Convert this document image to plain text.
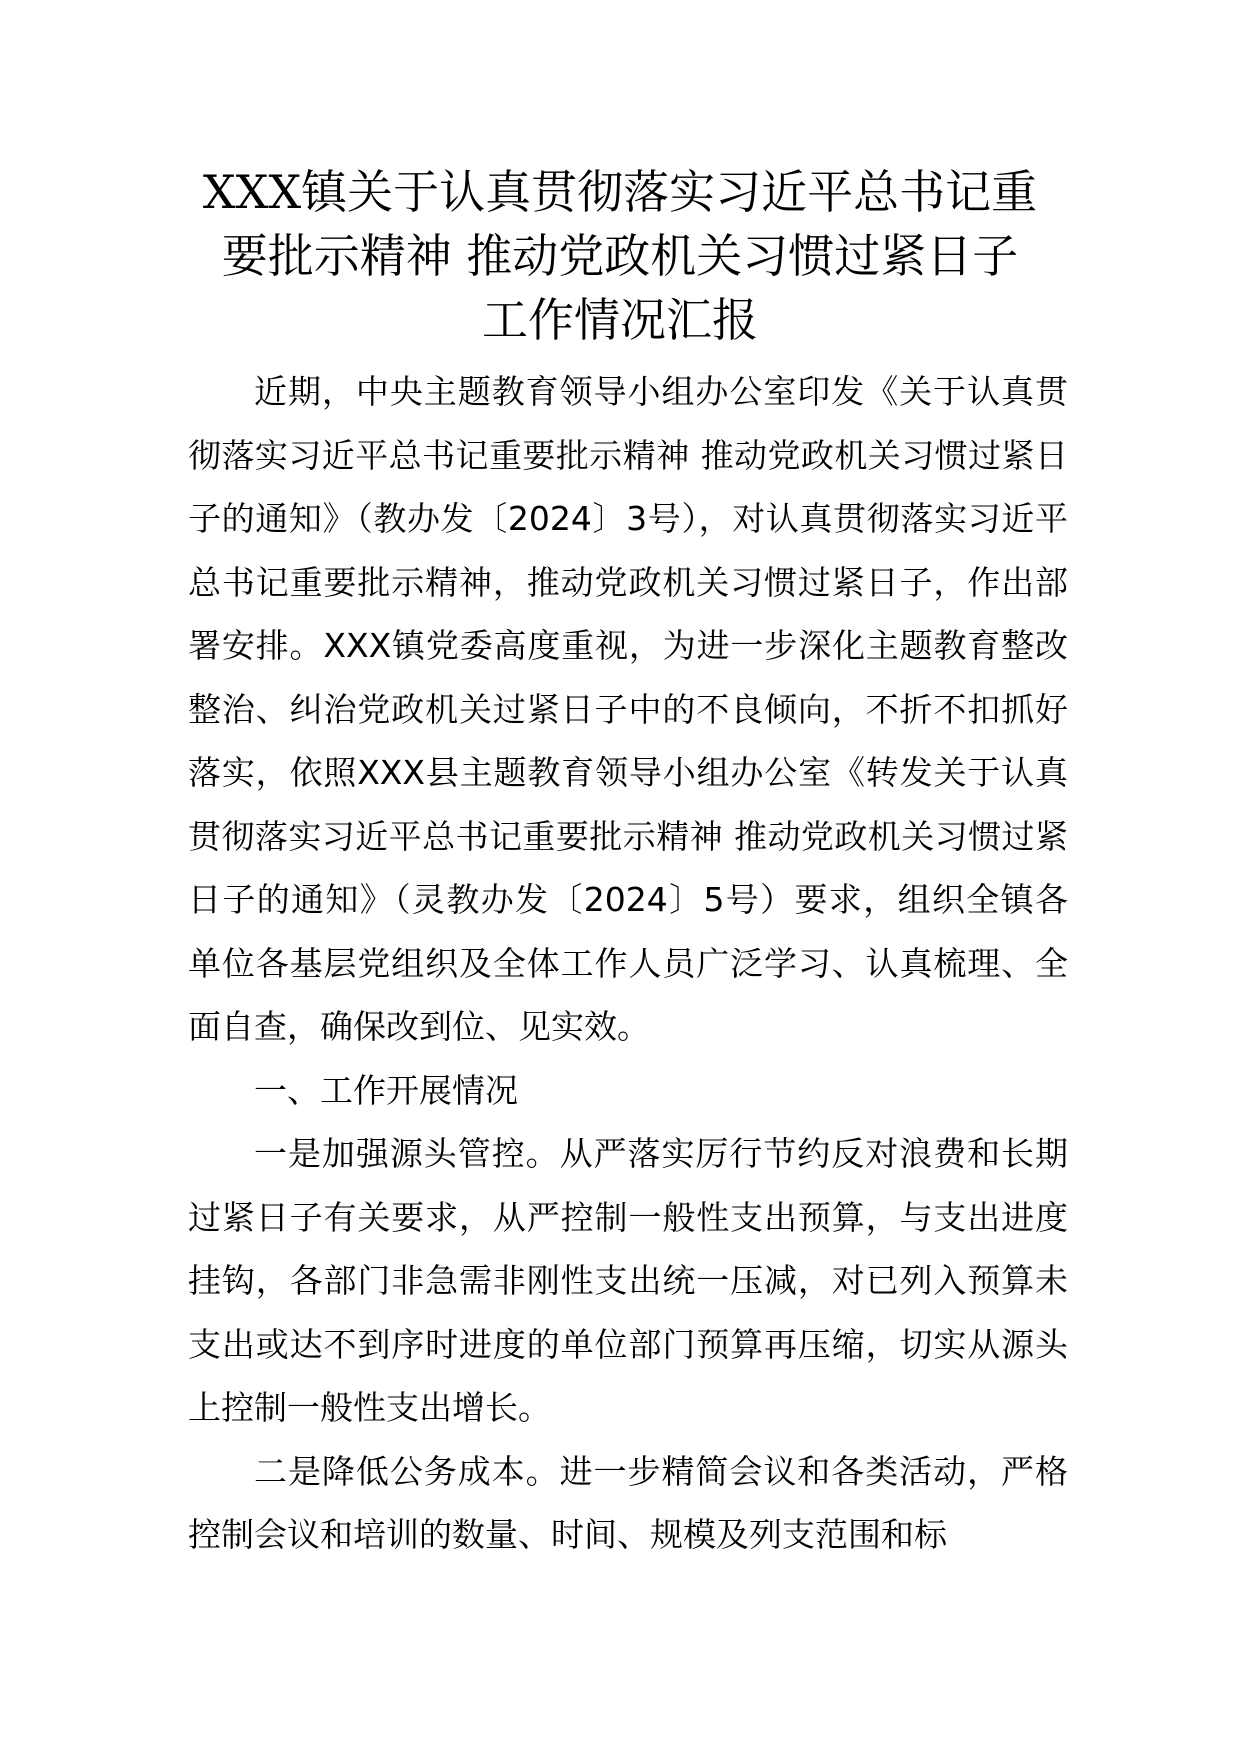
XXX镇关于认真贯彻落实习近平总书记重
要批示精神 推动党政机关习惯过紧日子
工作情况汇报

近期，中央主题教育领导小组办公室印发《关于认真贯彻落实习近平总书记重要批示精神 推动党政机关习惯过紧日子的通知》（教办发〔2024〕3号），对认真贯彻落实习近平总书记重要批示精神，推动党政机关习惯过紧日子，作出部署安排。XXX镇党委高度重视，为进一步深化主题教育整改整治、纠治党政机关过紧日子中的不良倾向，不折不扣抓好落实，依照XXX县主题教育领导小组办公室《转发关于认真贯彻落实习近平总书记重要批示精神 推动党政机关习惯过紧日子的通知》（灵教办发〔2024〕5号）要求，组织全镇各单位各基层党组织及全体工作人员广泛学习、认真梳理、全面自查，确保改到位、见实效。

一、工作开展情况

一是加强源头管控。从严落实厉行节约反对浪费和长期过紧日子有关要求，从严控制一般性支出预算，与支出进度挂钩，各部门非急需非刚性支出统一压减，对已列入预算未支出或达不到序时进度的单位部门预算再压缩，切实从源头上控制一般性支出增长。

二是降低公务成本。进一步精简会议和各类活动，严格控制会议和培训的数量、时间、规模及列支范围和标
